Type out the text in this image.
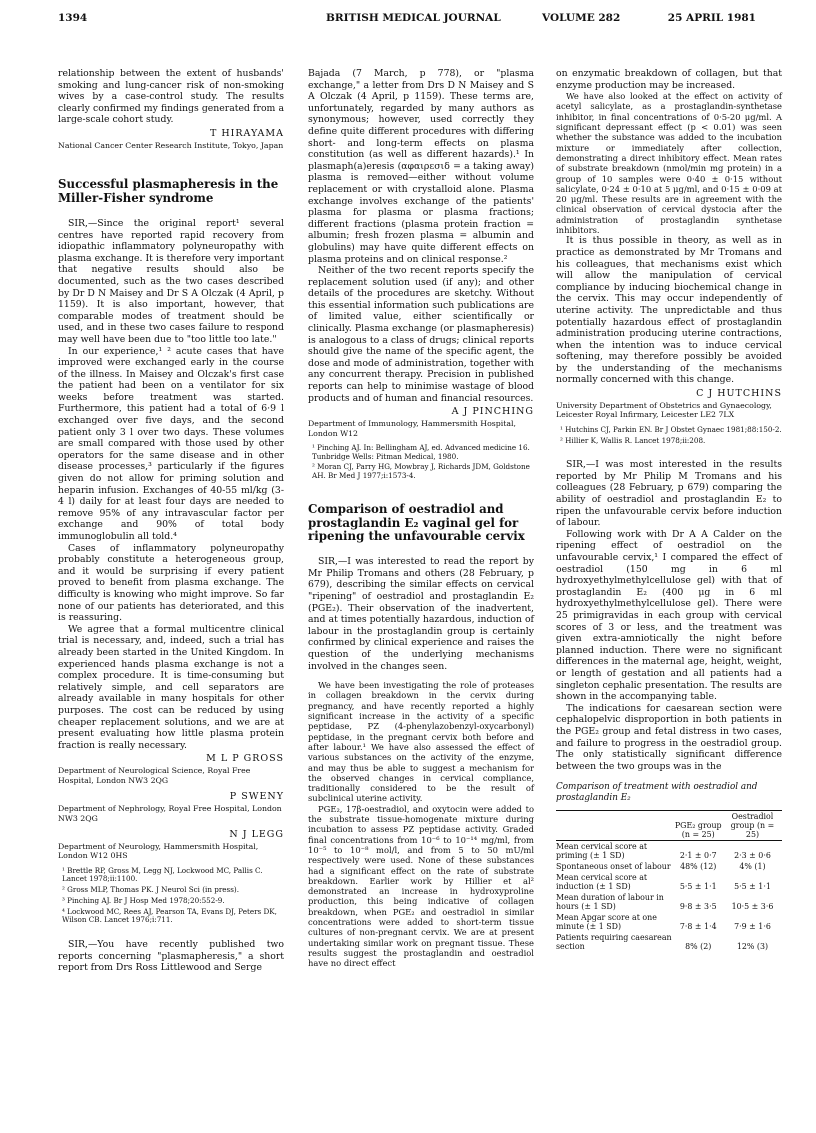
1394	BRITISH MEDICAL JOURNAL	VOLUME 282	25 APRIL 1981

relationship between the extent of husbands' smoking and lung-cancer risk of non-smoking wives by a case-control study. The results clearly confirmed my findings generated from a large-scale cohort study.

T HIRAYAMA
National Cancer Center Research Institute, Tokyo, Japan
Successful plasmapheresis in the Miller-Fisher syndrome

SIR,—Since the original report¹ several centres have reported rapid recovery from idiopathic inflammatory polyneuropathy with plasma exchange. It is therefore very important that negative results should also be documented, such as the two cases described by Dr D N Maisey and Dr S A Olczak (4 April, p 1159). It is also important, however, that comparable modes of treatment should be used, and in these two cases failure to respond may well have been due to "too little too late."

In our experience,¹ ² acute cases that have improved were exchanged early in the course of the illness. In Maisey and Olczak's first case the patient had been on a ventilator for six weeks before treatment was started. Furthermore, this patient had a total of 6·9 l exchanged over five days, and the second patient only 3 l over two days. These volumes are small compared with those used by other operators for the same disease and in other disease processes,³ particularly if the figures given do not allow for priming solution and heparin infusion. Exchanges of 40-55 ml/kg (3-4 l) daily for at least four days are needed to remove 95% of any intravascular factor per exchange and 90% of total body immunoglobulin all told.⁴

Cases of inflammatory polyneuropathy probably constitute a heterogeneous group, and it would be surprising if every patient proved to benefit from plasma exchange. The difficulty is knowing who might improve. So far none of our patients has deteriorated, and this is reassuring.

We agree that a formal multicentre clinical trial is necessary, and, indeed, such a trial has already been started in the United Kingdom. In experienced hands plasma exchange is not a complex procedure. It is time-consuming but relatively simple, and cell separators are already available in many hospitals for other purposes. The cost can be reduced by using cheaper replacement solutions, and we are at present evaluating how little plasma protein fraction is really necessary.

M L P GROSS
Department of Neurological Science, Royal Free Hospital, London NW3 2QG
P SWENY
Department of Nephrology, Royal Free Hospital, London NW3 2QG
N J LEGG
Department of Neurology, Hammersmith Hospital, London W12 0HS
¹ Brettle RP, Gross M, Legg NJ, Lockwood MC, Pallis C. Lancet 1978;ii:1100.
² Gross MLP, Thomas PK. J Neurol Sci (in press).
³ Pinching AJ. Br J Hosp Med 1978;20:552-9.
⁴ Lockwood MC, Rees AJ, Pearson TA, Evans DJ, Peters DK, Wilson CB. Lancet 1976;i:711.

SIR,—You have recently published two reports concerning "plasmapheresis," a short report from Drs Ross Littlewood and Serge

Bajada (7 March, p 778), or "plasma exchange," a letter from Drs D N Maisey and S A Olczak (4 April, p 1159). These terms are, unfortunately, regarded by many authors as synonymous; however, used correctly they define quite different procedures with differing short- and long-term effects on plasma constitution (as well as different hazards).¹ In plasmaph(a)eresis (αφαιρεσιδ = a taking away) plasma is removed—either without volume replacement or with crystalloid alone. Plasma exchange involves exchange of the patients' plasma for plasma or plasma fractions; different fractions (plasma protein fraction = albumin; fresh frozen plasma = albumin and globulins) may have quite different effects on plasma proteins and on clinical response.²

Neither of the two recent reports specify the replacement solution used (if any); and other details of the procedures are sketchy. Without this essential information such publications are of limited value, either scientifically or clinically. Plasma exchange (or plasmapheresis) is analogous to a class of drugs; clinical reports should give the name of the specific agent, the dose and mode of administration, together with any concurrent therapy. Precision in published reports can help to minimise wastage of blood products and of human and financial resources.

A J PINCHING
Department of Immunology, Hammersmith Hospital, London W12
¹ Pinching AJ. In: Bellingham AJ, ed. Advanced medicine 16. Tunbridge Wells: Pitman Medical, 1980.
² Moran CJ, Parry HG, Mowbray J, Richards JDM, Goldstone AH. Br Med J 1977;i:1573-4.
Comparison of oestradiol and prostaglandin E₂ vaginal gel for ripening the unfavourable cervix

SIR,—I was interested to read the report by Mr Philip Tromans and others (28 February, p 679), describing the similar effects on cervical "ripening" of oestradiol and prostaglandin E₂ (PGE₂). Their observation of the inadvertent, and at times potentially hazardous, induction of labour in the prostaglandin group is certainly confirmed by clinical experience and raises the question of the underlying mechanisms involved in the changes seen.

We have been investigating the role of proteases in collagen breakdown in the cervix during pregnancy, and have recently reported a highly significant increase in the activity of a specific peptidase, PZ (4-phenylazobenzyl-oxycarbonyl) peptidase, in the pregnant cervix both before and after labour.¹ We have also assessed the effect of various substances on the activity of the enzyme, and may thus be able to suggest a mechanism for the observed changes in cervical compliance, traditionally considered to be the result of subclinical uterine activity.

PGE₂, 17β-oestradiol, and oxytocin were added to the substrate tissue-homogenate mixture during incubation to assess PZ peptidase activity. Graded final concentrations from 10⁻⁶ to 10⁻¹⁴ mg/ml, from 10⁻⁵ to 10⁻⁸ mol/l, and from 5 to 50 mU/ml respectively were used. None of these substances had a significant effect on the rate of substrate breakdown. Earlier work by Hillier et al² demonstrated an increase in hydroxyproline production, this being indicative of collagen breakdown, when PGE₂ and oestradiol in similar concentrations were added to short-term tissue cultures of non-pregnant cervix. We are at present undertaking similar work on pregnant tissue. These results suggest the prostaglandin and oestradiol have no direct effect

on enzymatic breakdown of collagen, but that enzyme production may be increased.

We have also looked at the effect on activity of acetyl salicylate, as a prostaglandin-synthetase inhibitor, in final concentrations of 0·5-20 μg/ml. A significant depressant effect (p < 0.01) was seen whether the substance was added to the incubation mixture or immediately after collection, demonstrating a direct inhibitory effect. Mean rates of substrate breakdown (nmol/min mg protein) in a group of 10 samples were 0·40 ± 0·15 without salicylate, 0·24 ± 0·10 at 5 μg/ml, and 0·15 ± 0·09 at 20 μg/ml. These results are in agreement with the clinical observation of cervical dystocia after the administration of prostaglandin synthetase inhibitors.

It is thus possible in theory, as well as in practice as demonstrated by Mr Tromans and his colleagues, that mechanisms exist which will allow the manipulation of cervical compliance by inducing biochemical change in the cervix. This may occur independently of uterine activity. The unpredictable and thus potentially hazardous effect of prostaglandin administration producing uterine contractions, when the intention was to induce cervical softening, may therefore possibly be avoided by the understanding of the mechanisms normally concerned with this change.

C J HUTCHINS
University Department of Obstetrics and Gynaecology, Leicester Royal Infirmary, Leicester LE2 7LX
¹ Hutchins CJ, Parkin EN. Br J Obstet Gynaec 1981;88:150-2.
² Hillier K, Wallis R. Lancet 1978;ii:208.

SIR,—I was most interested in the results reported by Mr Philip M Tromans and his colleagues (28 February, p 679) comparing the ability of oestradiol and prostaglandin E₂ to ripen the unfavourable cervix before induction of labour.

Following work with Dr A A Calder on the ripening effect of oestradiol on the unfavourable cervix,¹ I compared the effect of oestradiol (150 mg in 6 ml hydroxyethylmethylcellulose gel) with that of prostaglandin E₂ (400 μg in 6 ml hydroxyethylmethylcellulose gel). There were 25 primigravidas in each group with cervical scores of 3 or less, and the treatment was given extra-amniotically the night before planned induction. There were no significant differences in the maternal age, height, weight, or length of gestation and all patients had a singleton cephalic presentation. The results are shown in the accompanying table.

The indications for caesarean section were cephalopelvic disproportion in both patients in the PGE₂ group and fetal distress in two cases, and failure to progress in the oestradiol group. The only statistically significant difference between the two groups was in the

Comparison of treatment with oestradiol and prostaglandin E₂
	PGE₂ group (n = 25)	Oestradiol group (n = 25)
Mean cervical score at priming (± 1 SD)	2·1 ± 0·7	2·3 ± 0·6
Spontaneous onset of labour	48% (12)	4% (1)
Mean cervical score at induction (± 1 SD)	5·5 ± 1·1	5·5 ± 1·1
Mean duration of labour in hours (± 1 SD)	9·8 ± 3·5	10·5 ± 3·6
Mean Apgar score at one minute (± 1 SD)	7·8 ± 1·4	7·9 ± 1·6
Patients requiring caesarean section	8% (2)	12% (3)
